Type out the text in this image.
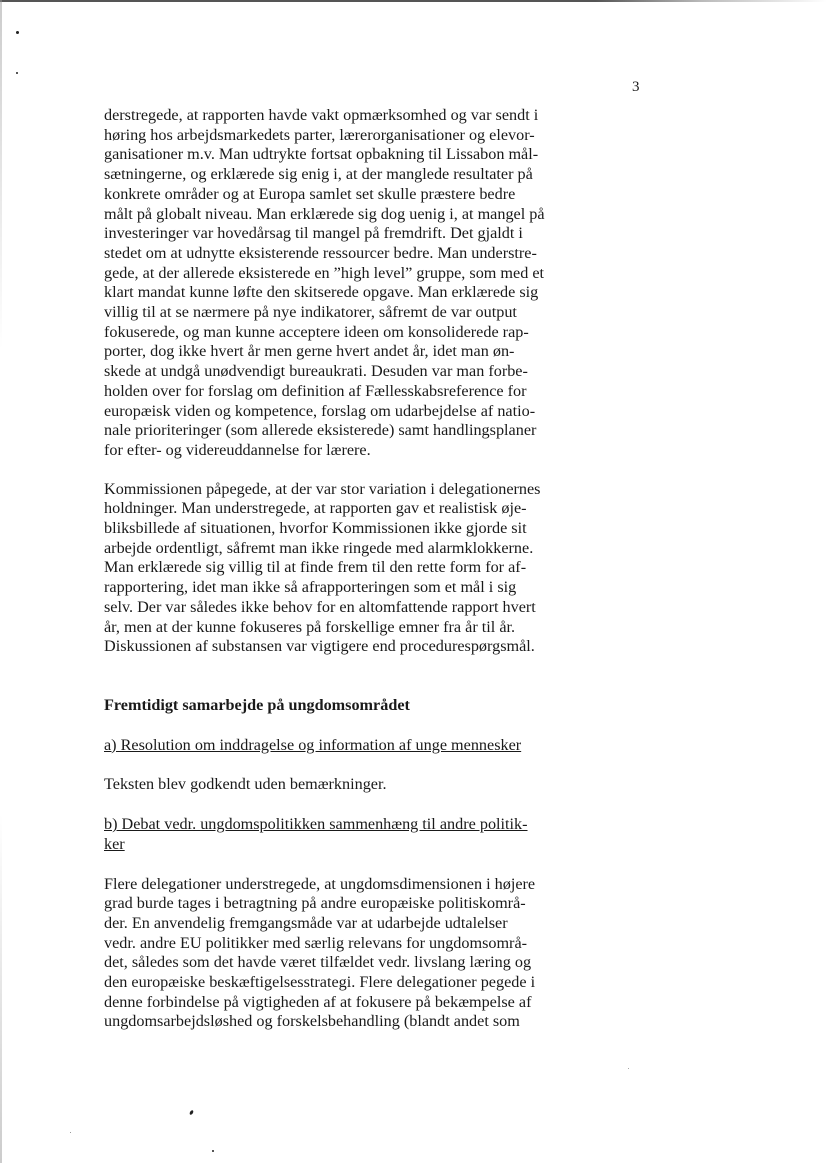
3

derstregede, at rapporten havde vakt opmærksomhed og var sendt i
høring hos arbejdsmarkedets parter, lærerorganisationer og elevor-
ganisationer m.v. Man udtrykte fortsat opbakning til Lissabon mål-
sætningerne, og erklærede sig enig i, at der manglede resultater på
konkrete områder og at Europa samlet set skulle præstere bedre
målt på globalt niveau. Man erklærede sig dog uenig i, at mangel på
investeringer var hovedårsag til mangel på fremdrift. Det gjaldt i
stedet om at udnytte eksisterende ressourcer bedre. Man understre-
gede, at der allerede eksisterede en ”high level” gruppe, som med et
klart mandat kunne løfte den skitserede opgave. Man erklærede sig
villig til at se nærmere på nye indikatorer, såfremt de var output
fokuserede, og man kunne acceptere ideen om konsoliderede rap-
porter, dog ikke hvert år men gerne hvert andet år, idet man øn-
skede at undgå unødvendigt bureaukrati. Desuden var man forbe-
holden over for forslag om definition af Fællesskabsreference for
europæisk viden og kompetence, forslag om udarbejdelse af natio-
nale prioriteringer (som allerede eksisterede) samt handlingsplaner
for efter- og videreuddannelse for lærere.

Kommissionen påpegede, at der var stor variation i delegationernes
holdninger. Man understregede, at rapporten gav et realistisk øje-
bliksbillede af situationen, hvorfor Kommissionen ikke gjorde sit
arbejde ordentligt, såfremt man ikke ringede med alarmklokkerne.
Man erklærede sig villig til at finde frem til den rette form for af-
rapportering, idet man ikke så afrapporteringen som et mål i sig
selv. Der var således ikke behov for en altomfattende rapport hvert
år, men at der kunne fokuseres på forskellige emner fra år til år.
Diskussionen af substansen var vigtigere end procedurespørgsmål.

Fremtidigt samarbejde på ungdomsområdet

a) Resolution om inddragelse og information af unge mennesker

Teksten blev godkendt uden bemærkninger.

b) Debat vedr. ungdomspolitikken sammenhæng til andre politik-
ker

Flere delegationer understregede, at ungdomsdimensionen i højere
grad burde tages i betragtning på andre europæiske politiskområ-
der. En anvendelig fremgangsmåde var at udarbejde udtalelser
vedr. andre EU politikker med særlig relevans for ungdomsområ-
det, således som det havde været tilfældet vedr. livslang læring og
den europæiske beskæftigelsesstrategi. Flere delegationer pegede i
denne forbindelse på vigtigheden af at fokusere på bekæmpelse af
ungdomsarbejdsløshed og forskelsbehandling (blandt andet som
